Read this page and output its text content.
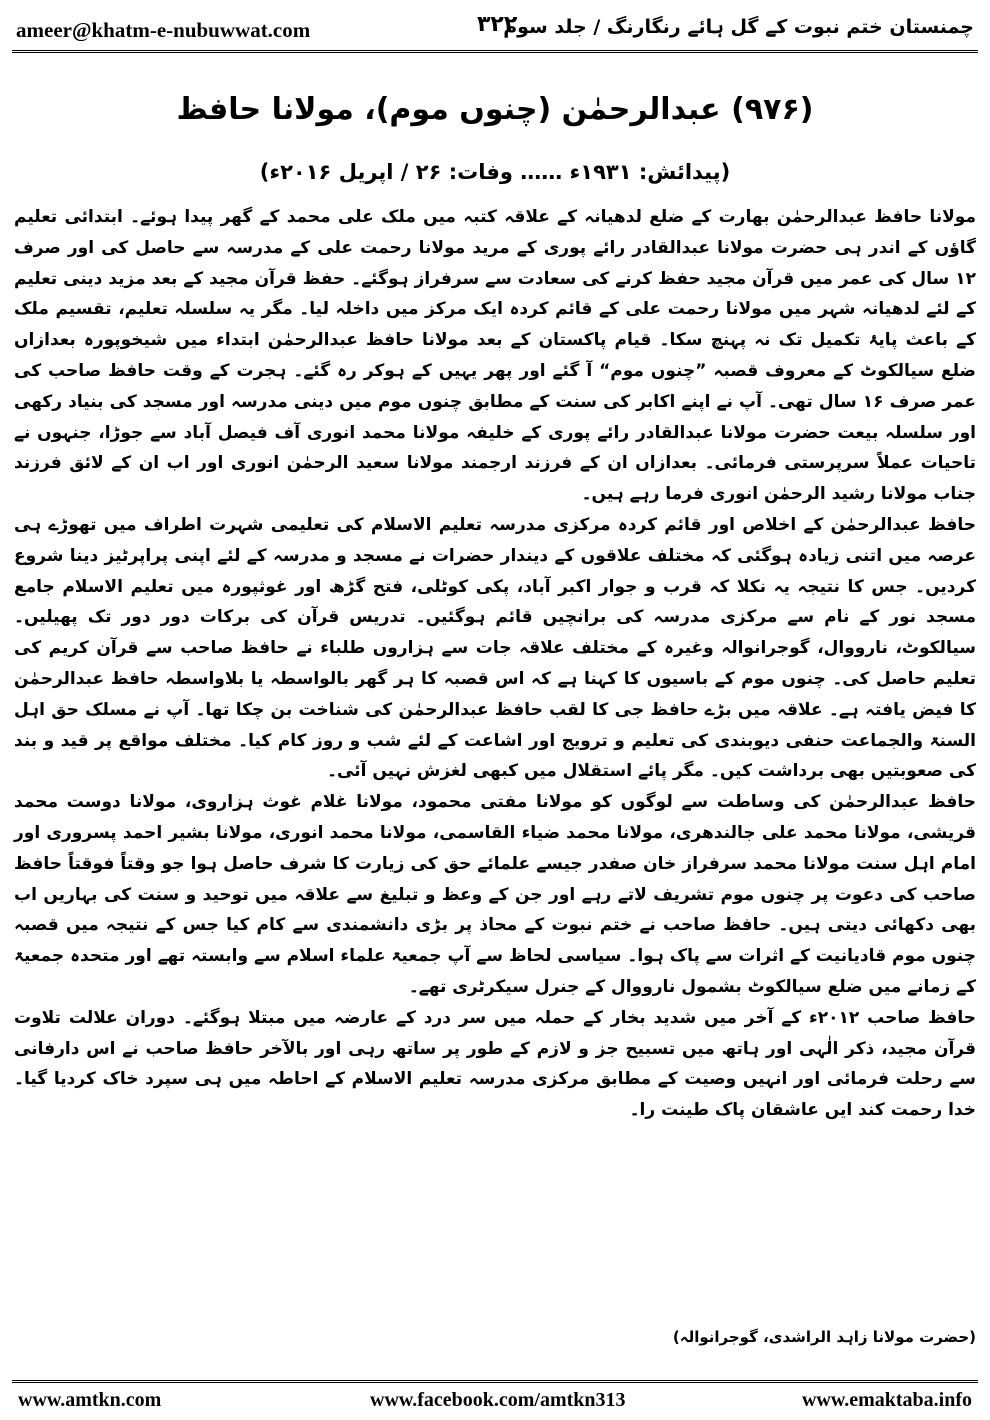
ameer@khatm-e-nubuwwat.com	۳۲۲
چمنستان ختم نبوت کے گل ہائے رنگارنگ / جلد سوم
(۹۷۶) عبدالرحمٰن (چنوں موم)، مولانا حافظ
(پیدائش: ۱۹۳۱ء …… وفات: ۲۶ / اپریل ۲۰۱۶ء)

مولانا حافظ عبدالرحمٰن بھارت کے ضلع لدھیانہ کے علاقہ کتبہ میں ملک علی محمد کے گھر پیدا ہوئے۔ ابتدائی تعلیم گاؤں کے اندر ہی حضرت مولانا عبدالقادر رائے پوری کے مرید مولانا رحمت علی کے مدرسہ سے حاصل کی اور صرف ۱۲ سال کی عمر میں قرآن مجید حفظ کرنے کی سعادت سے سرفراز ہوگئے۔ حفظ قرآن مجید کے بعد مزید دینی تعلیم کے لئے لدھیانہ شہر میں مولانا رحمت علی کے قائم کردہ ایک مرکز میں داخلہ لیا۔ مگر یہ سلسلہ تعلیم، تقسیم ملک کے باعث پایۂ تکمیل تک نہ پہنچ سکا۔ قیام پاکستان کے بعد مولانا حافظ عبدالرحمٰن ابتداء میں شیخوپورہ بعدازاں ضلع سیالکوٹ کے معروف قصبہ ”چنوں موم“ آ گئے اور پھر یہیں کے ہوکر رہ گئے۔ ہجرت کے وقت حافظ صاحب کی عمر صرف ۱۶ سال تھی۔ آپ نے اپنے اکابر کی سنت کے مطابق چنوں موم میں دینی مدرسہ اور مسجد کی بنیاد رکھی اور سلسلہ بیعت حضرت مولانا عبدالقادر رائے پوری کے خلیفہ مولانا محمد انوری آف فیصل آباد سے جوڑا، جنہوں نے تاحیات عملاً سرپرستی فرمائی۔ بعدازاں ان کے فرزند ارجمند مولانا سعید الرحمٰن انوری اور اب ان کے لائق فرزند جناب مولانا رشید الرحمٰن انوری فرما رہے ہیں۔

حافظ عبدالرحمٰن کے اخلاص اور قائم کردہ مرکزی مدرسہ تعلیم الاسلام کی تعلیمی شہرت اطراف میں تھوڑے ہی عرصہ میں اتنی زیادہ ہوگئی کہ مختلف علاقوں کے دیندار حضرات نے مسجد و مدرسہ کے لئے اپنی پراپرٹیز دینا شروع کردیں۔ جس کا نتیجہ یہ نکلا کہ قرب و جوار اکبر آباد، پکی کوٹلی، فتح گڑھ اور غوثپورہ میں تعلیم الاسلام جامع مسجد نور کے نام سے مرکزی مدرسہ کی برانچیں قائم ہوگئیں۔ تدریس قرآن کی برکات دور دور تک پھیلیں۔ سیالکوٹ، نارووال، گوجرانوالہ وغیرہ کے مختلف علاقہ جات سے ہزاروں طلباء نے حافظ صاحب سے قرآن کریم کی تعلیم حاصل کی۔ چنوں موم کے باسیوں کا کہنا ہے کہ اس قصبہ کا ہر گھر بالواسطہ یا بلاواسطہ حافظ عبدالرحمٰن کا فیض یافتہ ہے۔ علاقہ میں بڑے حافظ جی کا لقب حافظ عبدالرحمٰن کی شناخت بن چکا تھا۔ آپ نے مسلک حق اہل السنۃ والجماعت حنفی دیوبندی کی تعلیم و ترویج اور اشاعت کے لئے شب و روز کام کیا۔ مختلف مواقع پر قید و بند کی صعوبتیں بھی برداشت کیں۔ مگر پائے استقلال میں کبھی لغزش نہیں آئی۔

حافظ عبدالرحمٰن کی وساطت سے لوگوں کو مولانا مفتی محمود، مولانا غلام غوث ہزاروی، مولانا دوست محمد قریشی، مولانا محمد علی جالندھری، مولانا محمد ضیاء القاسمی، مولانا محمد انوری، مولانا بشیر احمد پسروری اور امام اہل سنت مولانا محمد سرفراز خان صفدر جیسے علمائے حق کی زیارت کا شرف حاصل ہوا جو وقتاً فوقتاً حافظ صاحب کی دعوت پر چنوں موم تشریف لاتے رہے اور جن کے وعظ و تبلیغ سے علاقہ میں توحید و سنت کی بہاریں اب بھی دکھائی دیتی ہیں۔ حافظ صاحب نے ختم نبوت کے محاذ پر بڑی دانشمندی سے کام کیا جس کے نتیجہ میں قصبہ چنوں موم قادیانیت کے اثرات سے پاک ہوا۔ سیاسی لحاظ سے آپ جمعیۃ علماء اسلام سے وابستہ تھے اور متحدہ جمعیۃ کے زمانے میں ضلع سیالکوٹ بشمول نارووال کے جنرل سیکرٹری تھے۔

حافظ صاحب ۲۰۱۲ء کے آخر میں شدید بخار کے حملہ میں سر درد کے عارضہ میں مبتلا ہوگئے۔ دوران علالت تلاوت قرآن مجید، ذکر الٰہی اور ہاتھ میں تسبیح جز و لازم کے طور پر ساتھ رہی اور بالآخر حافظ صاحب نے اس دارفانی سے رحلت فرمائی اور انہیں وصیت کے مطابق مرکزی مدرسہ تعلیم الاسلام کے احاطہ میں ہی سپرد خاک کردیا گیا۔ خدا رحمت کند ایں عاشقان پاک طینت را۔

(حضرت مولانا زاہد الراشدی، گوجرانوالہ)
www.amtkn.com	www.facebook.com/amtkn313	www.emaktaba.info
